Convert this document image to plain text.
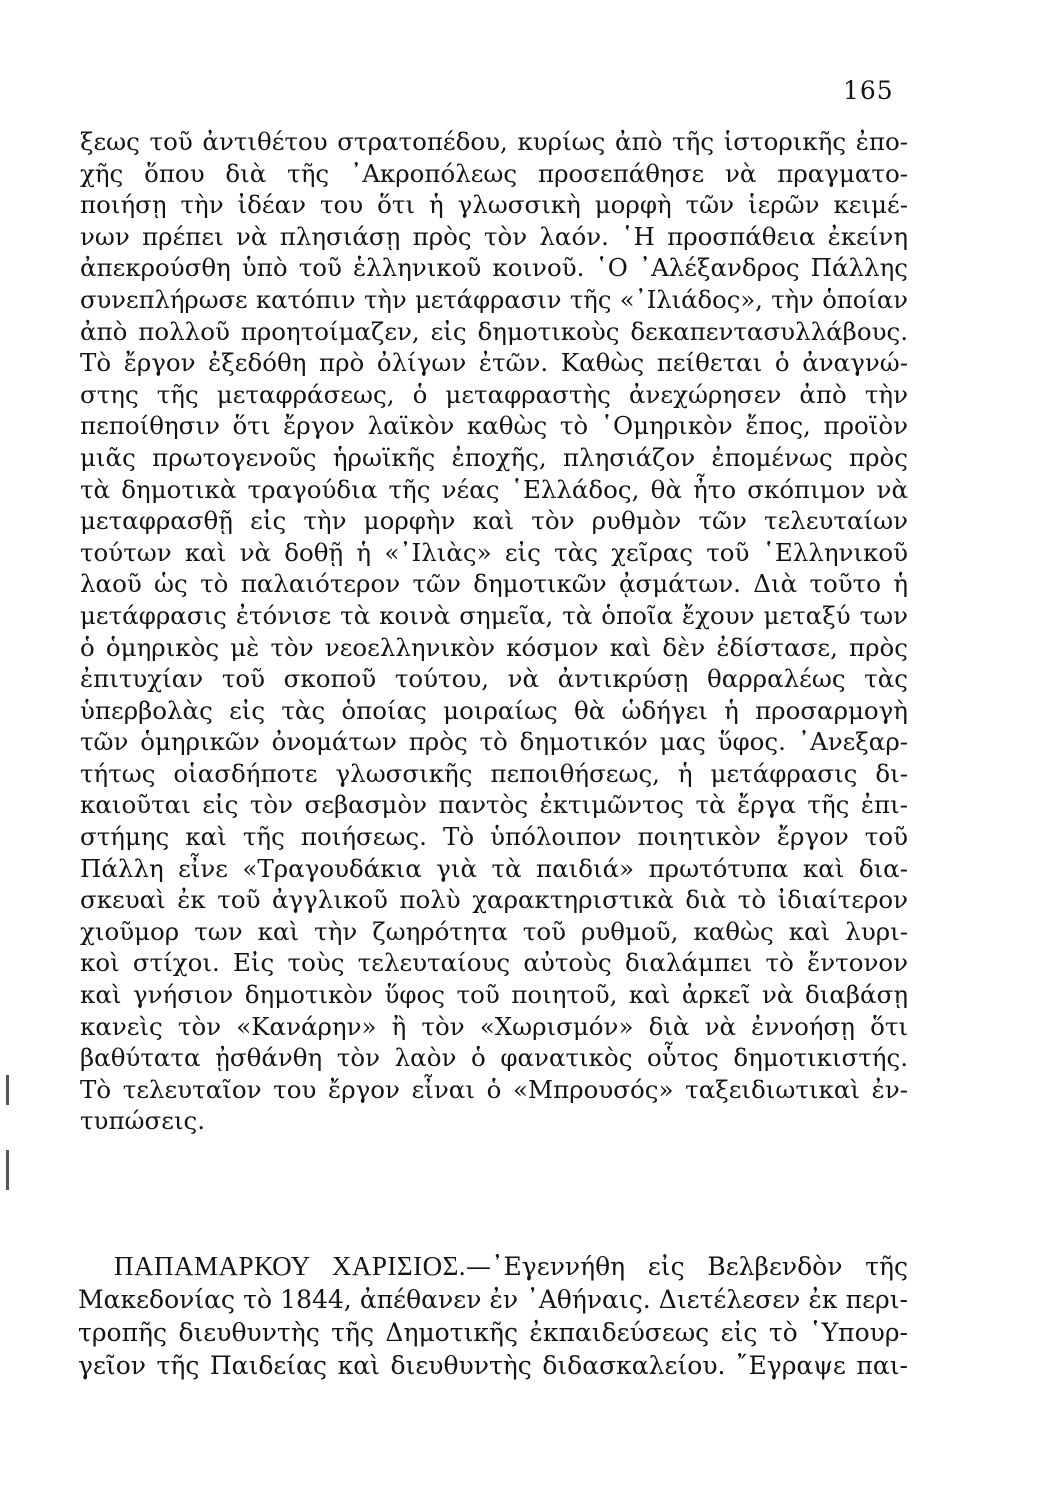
165
ξεως τοῦ ἀντιθέτου στρατοπέδου, κυρίως ἀπὸ τῆς ἱστορικῆς ἐπο-
χῆς ὅπου διὰ τῆς ᾿Ακροπόλεως προσεπάθησε νὰ πραγματο-
ποιήσῃ τὴν ἰδέαν του ὅτι ἡ γλωσσικὴ μορφὴ τῶν ἱερῶν κειμέ-
νων πρέπει νὰ πλησιάσῃ πρὸς τὸν λαόν. ῾Η προσπάθεια ἐκείνη
ἀπεκρούσθη ὑπὸ τοῦ ἑλληνικοῦ κοινοῦ. ῾Ο ᾿Αλέξανδρος Πάλλης
συνεπλήρωσε κατόπιν τὴν μετάφρασιν τῆς «᾿Ιλιάδος», τὴν ὁποίαν
ἀπὸ πολλοῦ προητοίμαζεν, εἰς δημοτικοὺς δεκαπεντασυλλάβους.
Τὸ ἔργον ἐξεδόθη πρὸ ὀλίγων ἐτῶν. Καθὼς πείθεται ὁ ἀναγνώ-
στης τῆς μεταφράσεως, ὁ μεταφραστὴς ἀνεχώρησεν ἀπὸ τὴν
πεποίθησιν ὅτι ἔργον λαϊκὸν καθὼς τὸ ῾Ομηρικὸν ἔπος, προϊὸν
μιᾶς πρωτογενοῦς ἡρωϊκῆς ἐποχῆς, πλησιάζον ἐπομένως πρὸς
τὰ δημοτικὰ τραγούδια τῆς νέας ῾Ελλάδος, θὰ ἦτο σκόπιμον νὰ
μεταφρασθῇ εἰς τὴν μορφὴν καὶ τὸν ρυθμὸν τῶν τελευταίων
τούτων καὶ νὰ δοθῇ ἡ «᾿Ιλιὰς» εἰς τὰς χεῖρας τοῦ ῾Ελληνικοῦ
λαοῦ ὡς τὸ παλαιότερον τῶν δημοτικῶν ᾀσμάτων. Διὰ τοῦτο ἡ
μετάφρασις ἐτόνισε τὰ κοινὰ σημεῖα, τὰ ὁποῖα ἔχουν μεταξύ των
ὁ ὁμηρικὸς μὲ τὸν νεοελληνικὸν κόσμον καὶ δὲν ἐδίστασε, πρὸς
ἐπιτυχίαν τοῦ σκοποῦ τούτου, νὰ ἀντικρύσῃ θαρραλέως τὰς
ὑπερβολὰς εἰς τὰς ὁποίας μοιραίως θὰ ὡδήγει ἡ προσαρμογὴ
τῶν ὁμηρικῶν ὀνομάτων πρὸς τὸ δημοτικόν μας ὕφος. ᾿Ανεξαρ-
τήτως οἱασδήποτε γλωσσικῆς πεποιθήσεως, ἡ μετάφρασις δι-
καιοῦται εἰς τὸν σεβασμὸν παντὸς ἐκτιμῶντος τὰ ἔργα τῆς ἐπι-
στήμης καὶ τῆς ποιήσεως. Τὸ ὑπόλοιπον ποιητικὸν ἔργον τοῦ
Πάλλη εἶνε «Τραγουδάκια γιὰ τὰ παιδιά» πρωτότυπα καὶ δια-
σκευαὶ ἐκ τοῦ ἀγγλικοῦ πολὺ χαρακτηριστικὰ διὰ τὸ ἰδιαίτερον
χιοῦμορ των καὶ τὴν ζωηρότητα τοῦ ρυθμοῦ, καθὼς καὶ λυρι-
κοὶ στίχοι. Εἰς τοὺς τελευταίους αὐτοὺς διαλάμπει τὸ ἔντονον
καὶ γνήσιον δημοτικὸν ὕφος τοῦ ποιητοῦ, καὶ ἀρκεῖ νὰ διαβάσῃ
κανεὶς τὸν «Κανάρην» ἢ τὸν «Χωρισμόν» διὰ νὰ ἐννοήσῃ ὅτι
βαθύτατα ᾐσθάνθη τὸν λαὸν ὁ φανατικὸς οὗτος δημοτικιστής.
Τὸ τελευταῖον του ἔργον εἶναι ὁ «Μπρουσός» ταξειδιωτικαὶ ἐν-
τυπώσεις.
ΠΑΠΑΜΑΡΚΟΥ ΧΑΡΙΣΙΟΣ.—᾿Εγεννήθη εἰς Βελβενδὸν τῆς
Μακεδονίας τὸ 1844, ἀπέθανεν ἐν ᾿Αθήναις. Διετέλεσεν ἐκ περι-
τροπῆς διευθυντὴς τῆς Δημοτικῆς ἐκπαιδεύσεως εἰς τὸ ῾Υπουρ-
γεῖον τῆς Παιδείας καὶ διευθυντὴς διδασκαλείου. ῎Εγραψε παι-
